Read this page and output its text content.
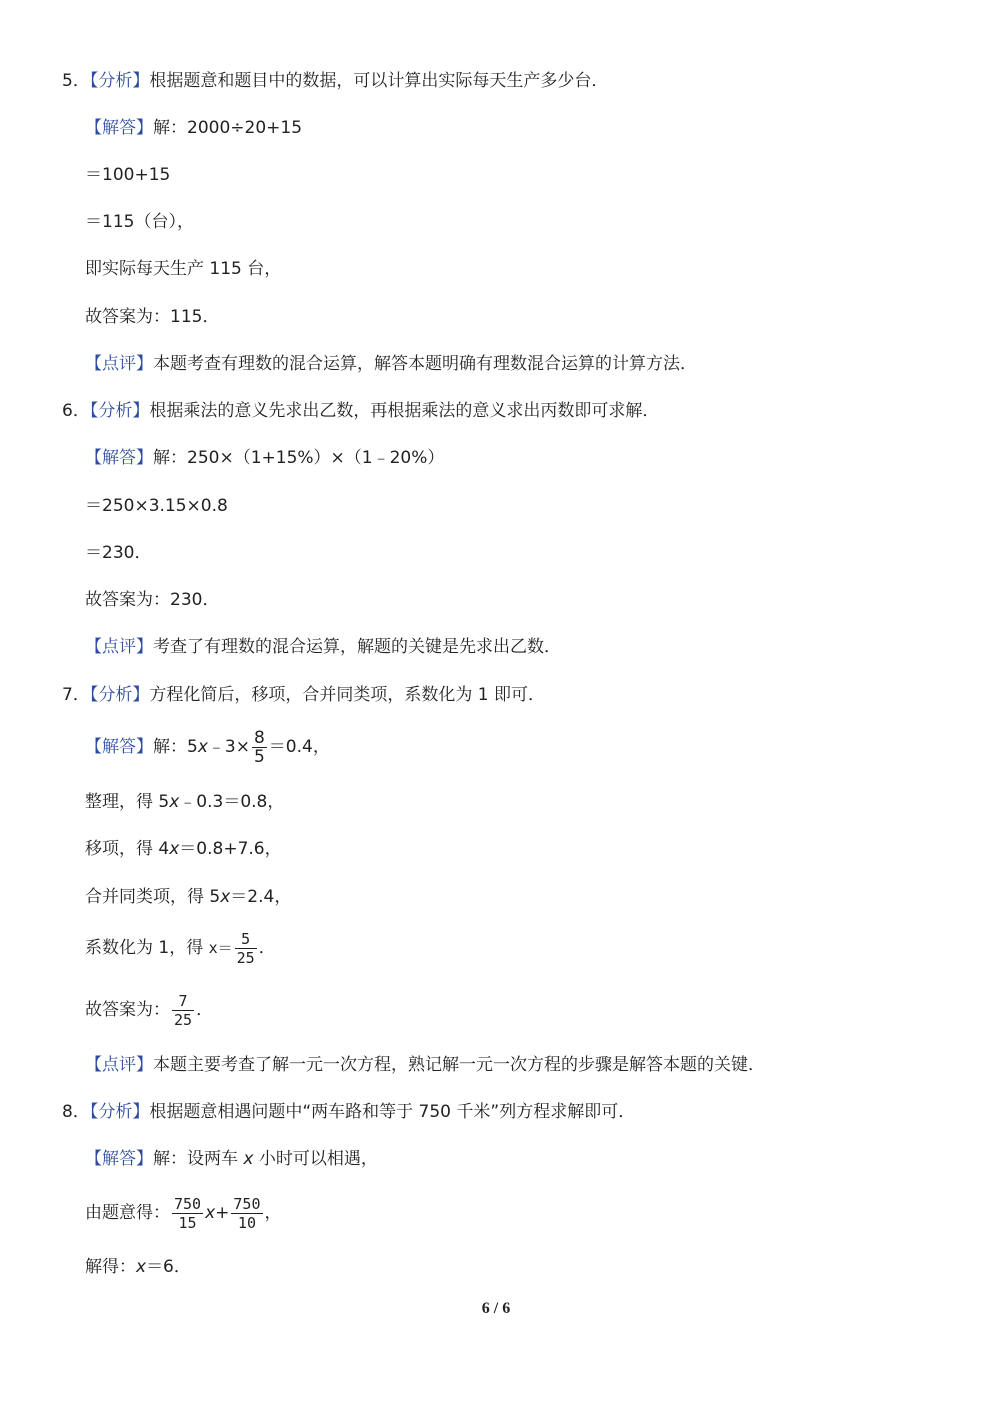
5．【分析】根据题意和题目中的数据，可以计算出实际每天生产多少台．
【解答】解：2000÷20+15
＝100+15
＝115（台），
即实际每天生产 115 台，
故答案为：115．
【点评】本题考查有理数的混合运算，解答本题明确有理数混合运算的计算方法．
6．【分析】根据乘法的意义先求出乙数，再根据乘法的意义求出丙数即可求解．
【解答】解：250×（1+15%）×（1﹣20%）
＝250×3.15×0.8
＝230．
故答案为：230．
【点评】考查了有理数的混合运算，解题的关键是先求出乙数．
7．【分析】方程化简后，移项，合并同类项，系数化为 1 即可．
【解答】解：5x﹣3× $\frac{8}{5} =0.4$，
整理，得 5x﹣0.3＝0.8，
移项，得 4x＝0.8+7.6，
合并同类项，得 5x＝2.4，
系数化为 1，得 $x= \frac{5}{25}$ ．
故答案为： $\frac{7}{25}$ ．
【点评】本题主要考查了解一元一次方程，熟记解一元一次方程的步骤是解答本题的关键．
8．【分析】根据题意相遇问题中“两车路和等于 750 千米”列方程求解即可．
【解答】解：设两车 x 小时可以相遇，
由题意得： $\frac{750}{15} x+ \frac{750}{10}$ ，
解得：x＝6．
6 / 6
